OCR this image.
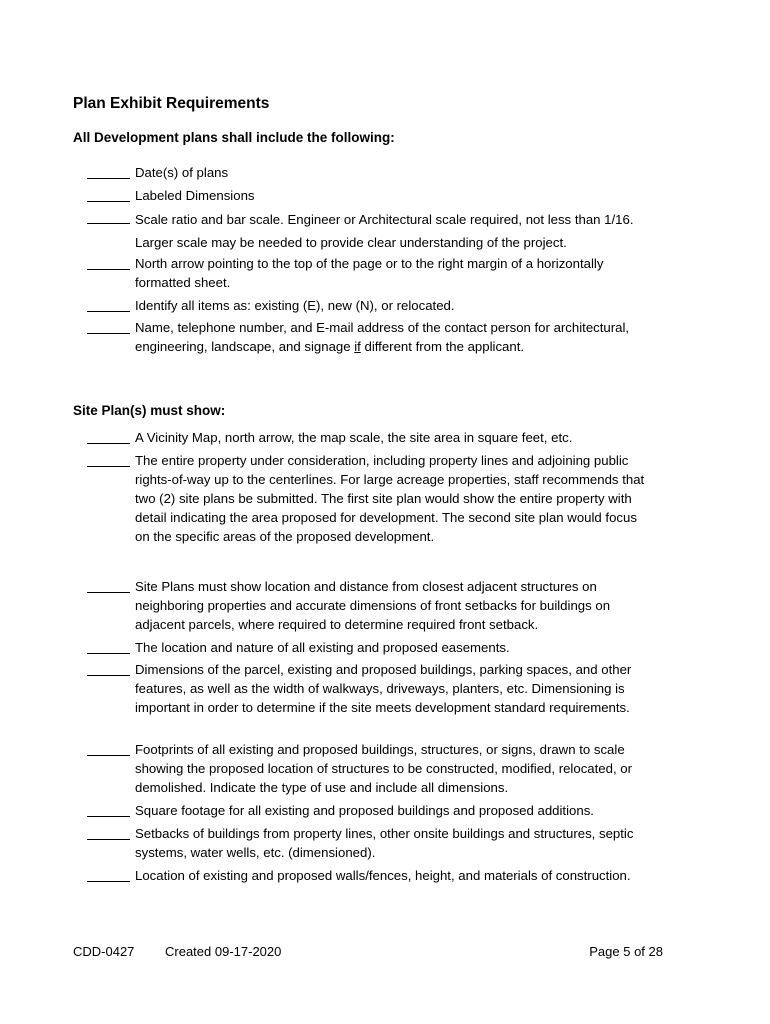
Plan Exhibit Requirements
All Development plans shall include the following:
Date(s) of plans
Labeled Dimensions
Scale ratio and bar scale. Engineer or Architectural scale required, not less than 1/16. Larger scale may be needed to provide clear understanding of the project.
North arrow pointing to the top of the page or to the right margin of a horizontally formatted sheet.
Identify all items as: existing (E), new (N), or relocated.
Name, telephone number, and E-mail address of the contact person for architectural, engineering, landscape, and signage if different from the applicant.
Site Plan(s) must show:
A Vicinity Map, north arrow, the map scale, the site area in square feet, etc.
The entire property under consideration, including property lines and adjoining public rights-of-way up to the centerlines. For large acreage properties, staff recommends that two (2) site plans be submitted. The first site plan would show the entire property with detail indicating the area proposed for development. The second site plan would focus on the specific areas of the proposed development.
Site Plans must show location and distance from closest adjacent structures on neighboring properties and accurate dimensions of front setbacks for buildings on adjacent parcels, where required to determine required front setback.
The location and nature of all existing and proposed easements.
Dimensions of the parcel, existing and proposed buildings, parking spaces, and other features, as well as the width of walkways, driveways, planters, etc. Dimensioning is important in order to determine if the site meets development standard requirements.
Footprints of all existing and proposed buildings, structures, or signs, drawn to scale showing the proposed location of structures to be constructed, modified, relocated, or demolished. Indicate the type of use and include all dimensions.
Square footage for all existing and proposed buildings and proposed additions.
Setbacks of buildings from property lines, other onsite buildings and structures, septic systems, water wells, etc. (dimensioned).
Location of existing and proposed walls/fences, height, and materials of construction.
CDD-0427 Created 09-17-2020	Page 5 of 28
